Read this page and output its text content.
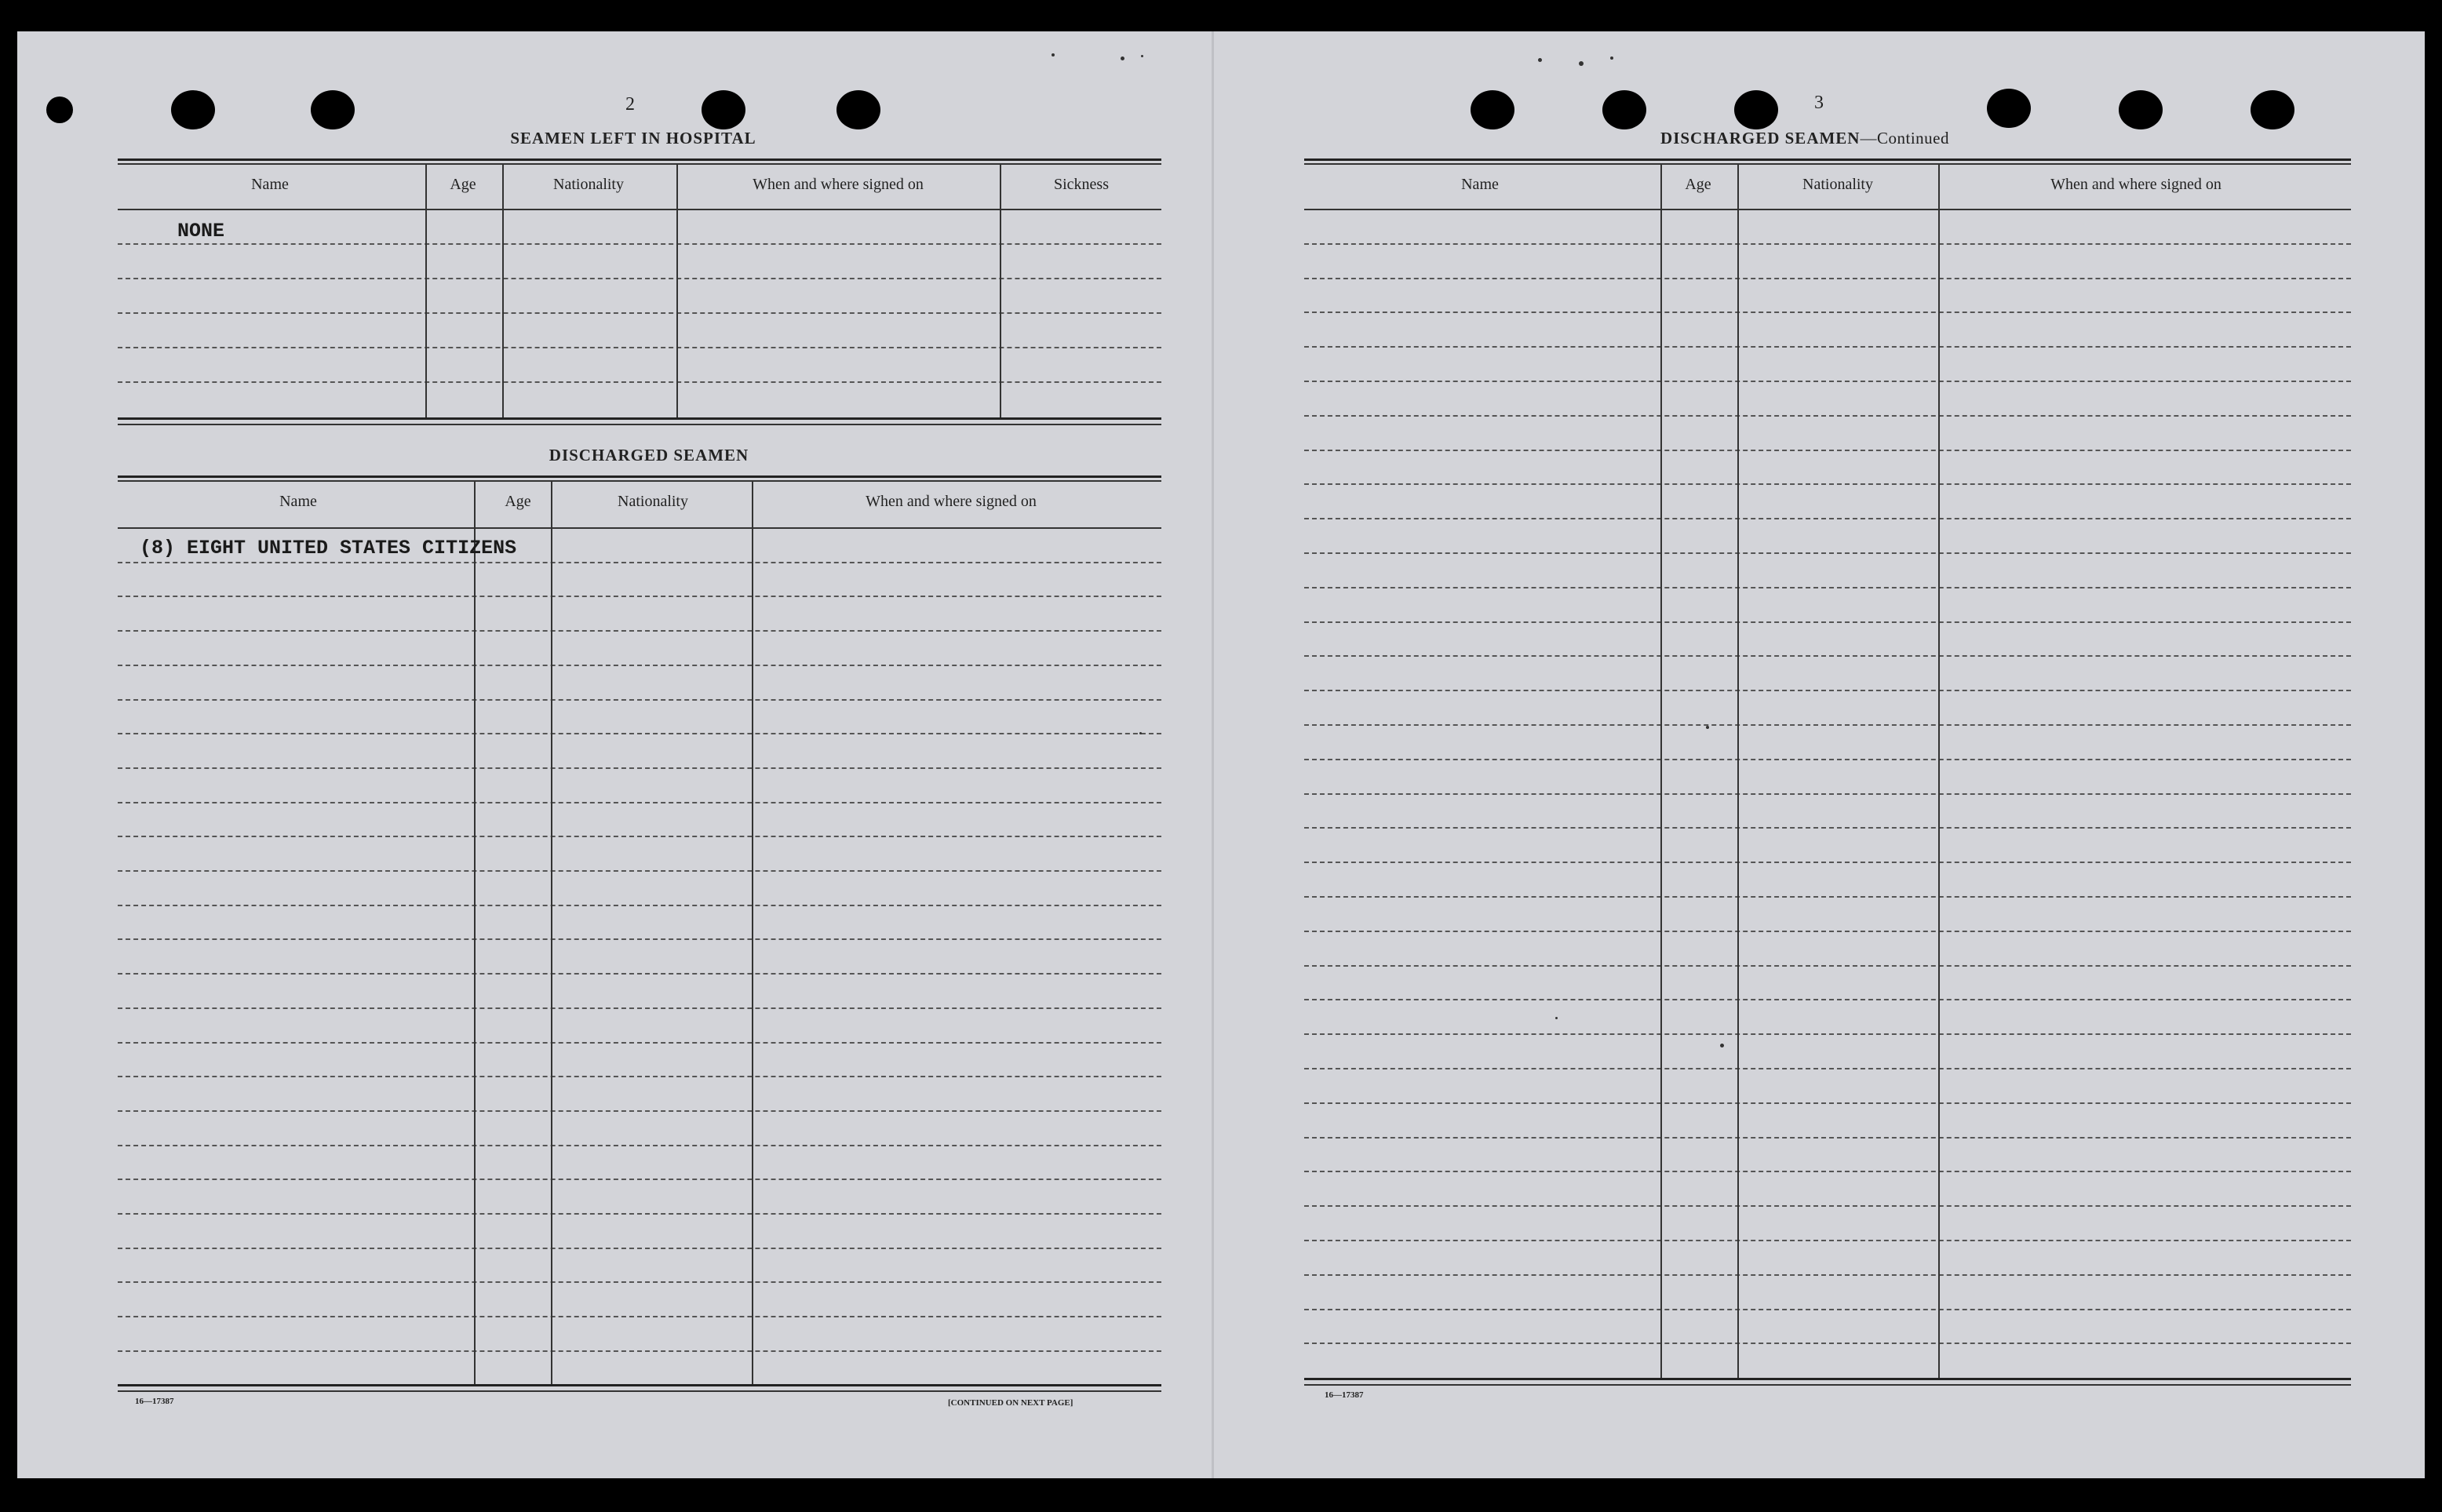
2
SEAMEN LEFT IN HOSPITAL
Name	Age	Nationality	When and where signed on	Sickness
NONE
DISCHARGED SEAMEN
Name	Age	Nationality	When and where signed on
(8) EIGHT UNITED STATES CITIZENS
16—17387	[CONTINUED ON NEXT PAGE]
3
DISCHARGED SEAMEN—Continued
Name	Age	Nationality	When and where signed on
16—17387
